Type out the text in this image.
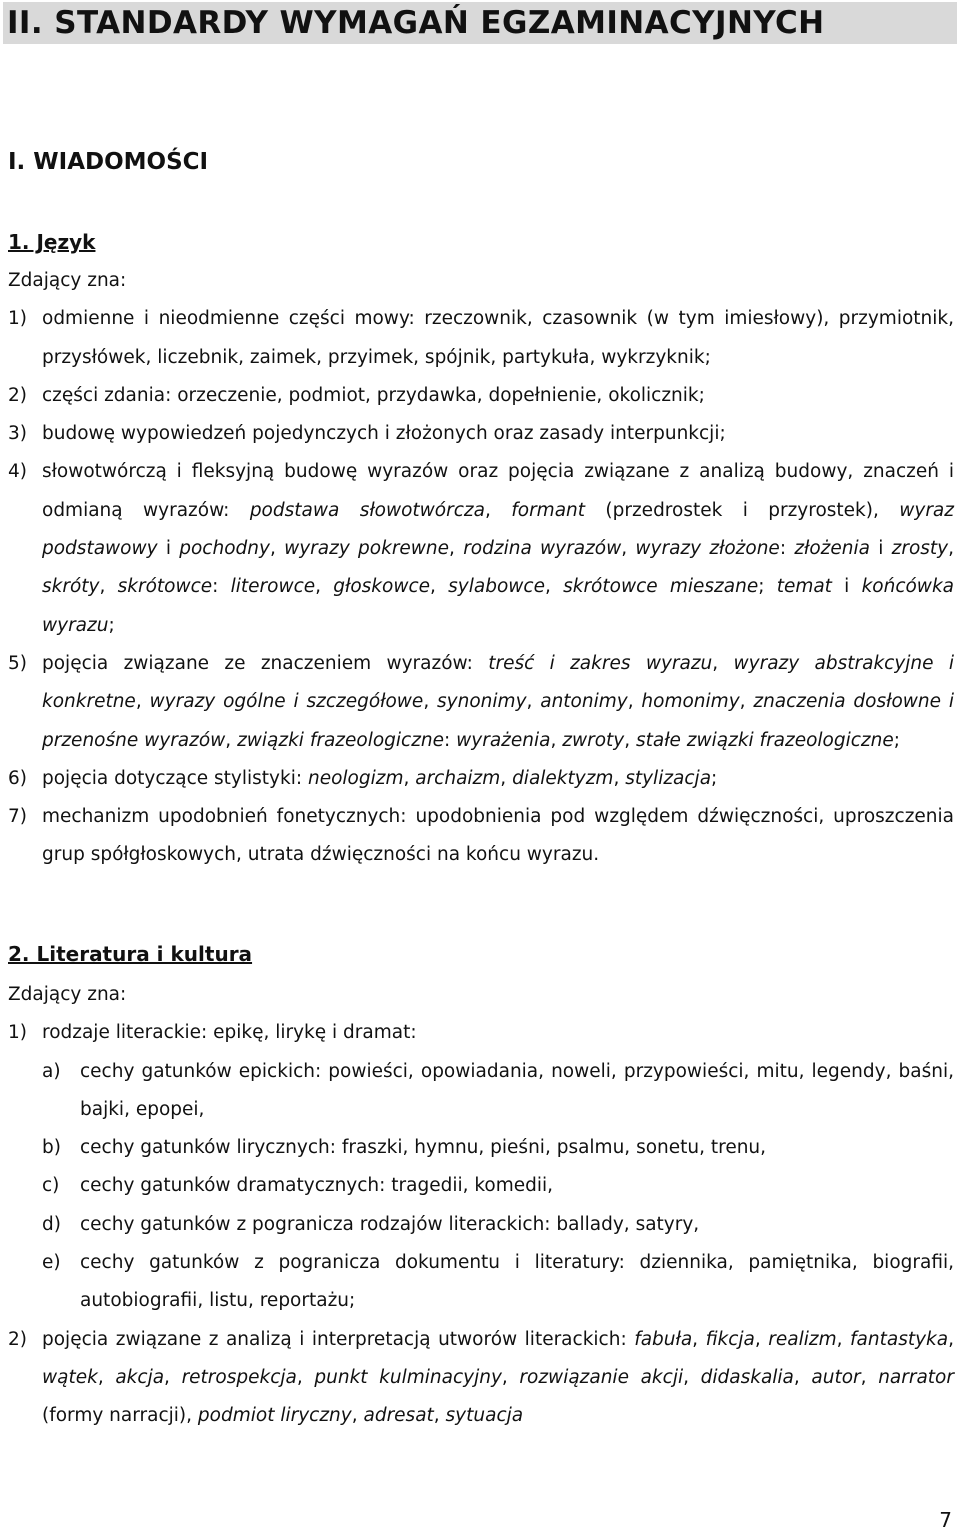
II. STANDARDY WYMAGAŃ EGZAMINACYJNYCH
I. WIADOMOŚCI
1. Język
Zdający zna:
1) odmienne i nieodmienne części mowy: rzeczownik, czasownik (w tym imiesłowy), przymiotnik, przysłówek, liczebnik, zaimek, przyimek, spójnik, partykuła, wykrzyknik;
2) części zdania: orzeczenie, podmiot, przydawka, dopełnienie, okolicznik;
3) budowę wypowiedzeń pojedynczych i złożonych oraz zasady interpunkcji;
4) słowotwórczą i fleksyjną budowę wyrazów oraz pojęcia związane z analizą budowy, znaczeń i odmianą wyrazów: podstawa słowotwórcza, formant (przedrostek i przyrostek), wyraz podstawowy i pochodny, wyrazy pokrewne, rodzina wyrazów, wyrazy złożone: złożenia i zrosty, skróty, skrótowce: literowce, głoskowce, sylabowce, skrótowce mieszane; temat i końcówka wyrazu;
5) pojęcia związane ze znaczeniem wyrazów: treść i zakres wyrazu, wyrazy abstrakcyjne i konkretne, wyrazy ogólne i szczegółowe, synonimy, antonimy, homonimy, znaczenia dosłowne i przenośne wyrazów, związki frazeologiczne: wyrażenia, zwroty, stałe związki frazeologiczne;
6) pojęcia dotyczące stylistyki: neologizm, archaizm, dialektyzm, stylizacja;
7) mechanizm upodobnień fonetycznych: upodobnienia pod względem dźwięczności, uproszczenia grup spółgłoskowych, utrata dźwięczności na końcu wyrazu.
2. Literatura i kultura
Zdający zna:
1) rodzaje literackie: epikę, lirykę i dramat:
a)	cechy gatunków epickich: powieści, opowiadania, noweli, przypowieści, mitu, legendy, baśni, bajki, epopei,
b)	cechy gatunków lirycznych: fraszki, hymnu, pieśni, psalmu, sonetu, trenu,
c)	cechy gatunków dramatycznych: tragedii, komedii,
d)	cechy gatunków z pogranicza rodzajów literackich: ballady, satyry,
e)	cechy gatunków z pogranicza dokumentu i literatury: dziennika, pamiętnika, biografii, autobiografii, listu, reportażu;
2) pojęcia związane z analizą i interpretacją utworów literackich: fabuła, fikcja, realizm, fantastyka, wątek, akcja, retrospekcja, punkt kulminacyjny, rozwiązanie akcji, didaskalia, autor, narrator (formy narracji), podmiot liryczny, adresat, sytuacja
7
